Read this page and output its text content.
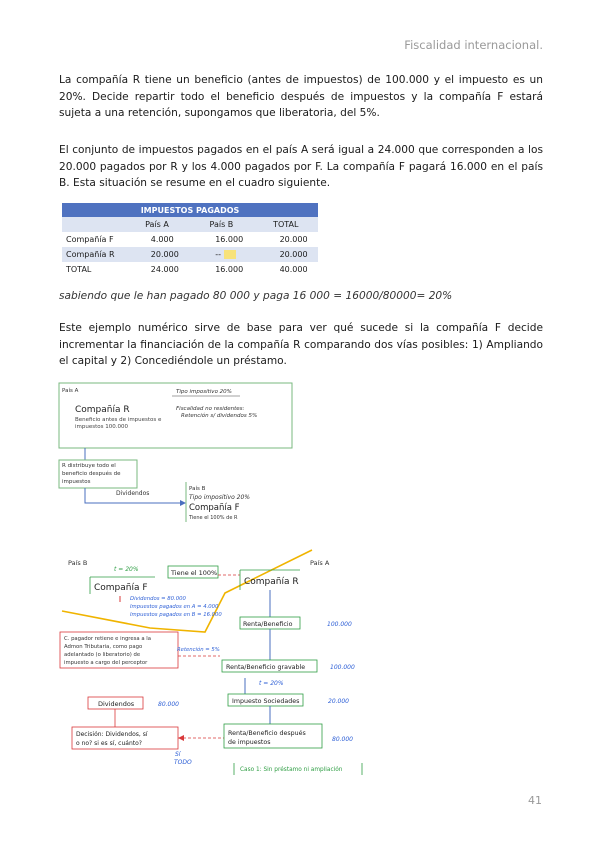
Fiscalidad internacional.
La compañía R tiene un beneficio (antes de impuestos) de 100.000 y el impuesto es un 20%. Decide repartir todo el beneficio después de impuestos y la compañía F estará sujeta a una retención, supongamos que liberatoria, del 5%.
El conjunto de impuestos pagados en el país A será igual a 24.000 que corresponden a los 20.000 pagados por R y los 4.000 pagados por F. La compañía F pagará 16.000 en el país B. Esta situación se resume en el cuadro siguiente.
IMPUESTOS PAGADOS			
	País A	País B	TOTAL
Compañía F	4.000	16.000	20.000
Compañía R	20.000	--	20.000
TOTAL	24.000	16.000	40.000
sabiendo que le han pagado 80 000 y paga 16 000 = 16000/80000= 20%
Este ejemplo numérico sirve de base para ver qué sucede si la compañía F decide incrementar la financiación de la compañía R comparando dos vías posibles: 1) Ampliando el capital y 2) Concediéndole un préstamo.
País A	Tipo impositivo 20%
Compañía R
Beneficio antes de impuestos e
impuestos 100.000
Fiscalidad no residentes:
Retención s/ dividendos 5%
R distribuye todo el
beneficio después de
impuestos
Dividendos
País B
Tipo impositivo 20%
Compañía F
Tiene el 100% de R
País B	País A
t = 20%
Compañía F
Tiene el 100%
Compañía R
Dividendos = 80.000
Impuestos pagados en A = 4.000
Impuestos pagados en B = 16.000
Renta/Beneficio	100.000
C. pagador retiene e ingresa a la
Admon Tributaria, como pago
adelantado (o liberatorio) de
impuesto a cargo del perceptor
Retención = 5%
Renta/Beneficio gravable	100.000
t = 20%
Impuesto Sociedades	20.000
Dividendos	80.000
Decisión: Dividendos, sí
o no? si es sí, cuánto?
Sí
TODO
Renta/Beneficio después
de impuestos	80.000
Caso 1: Sin préstamo ni ampliación
41
